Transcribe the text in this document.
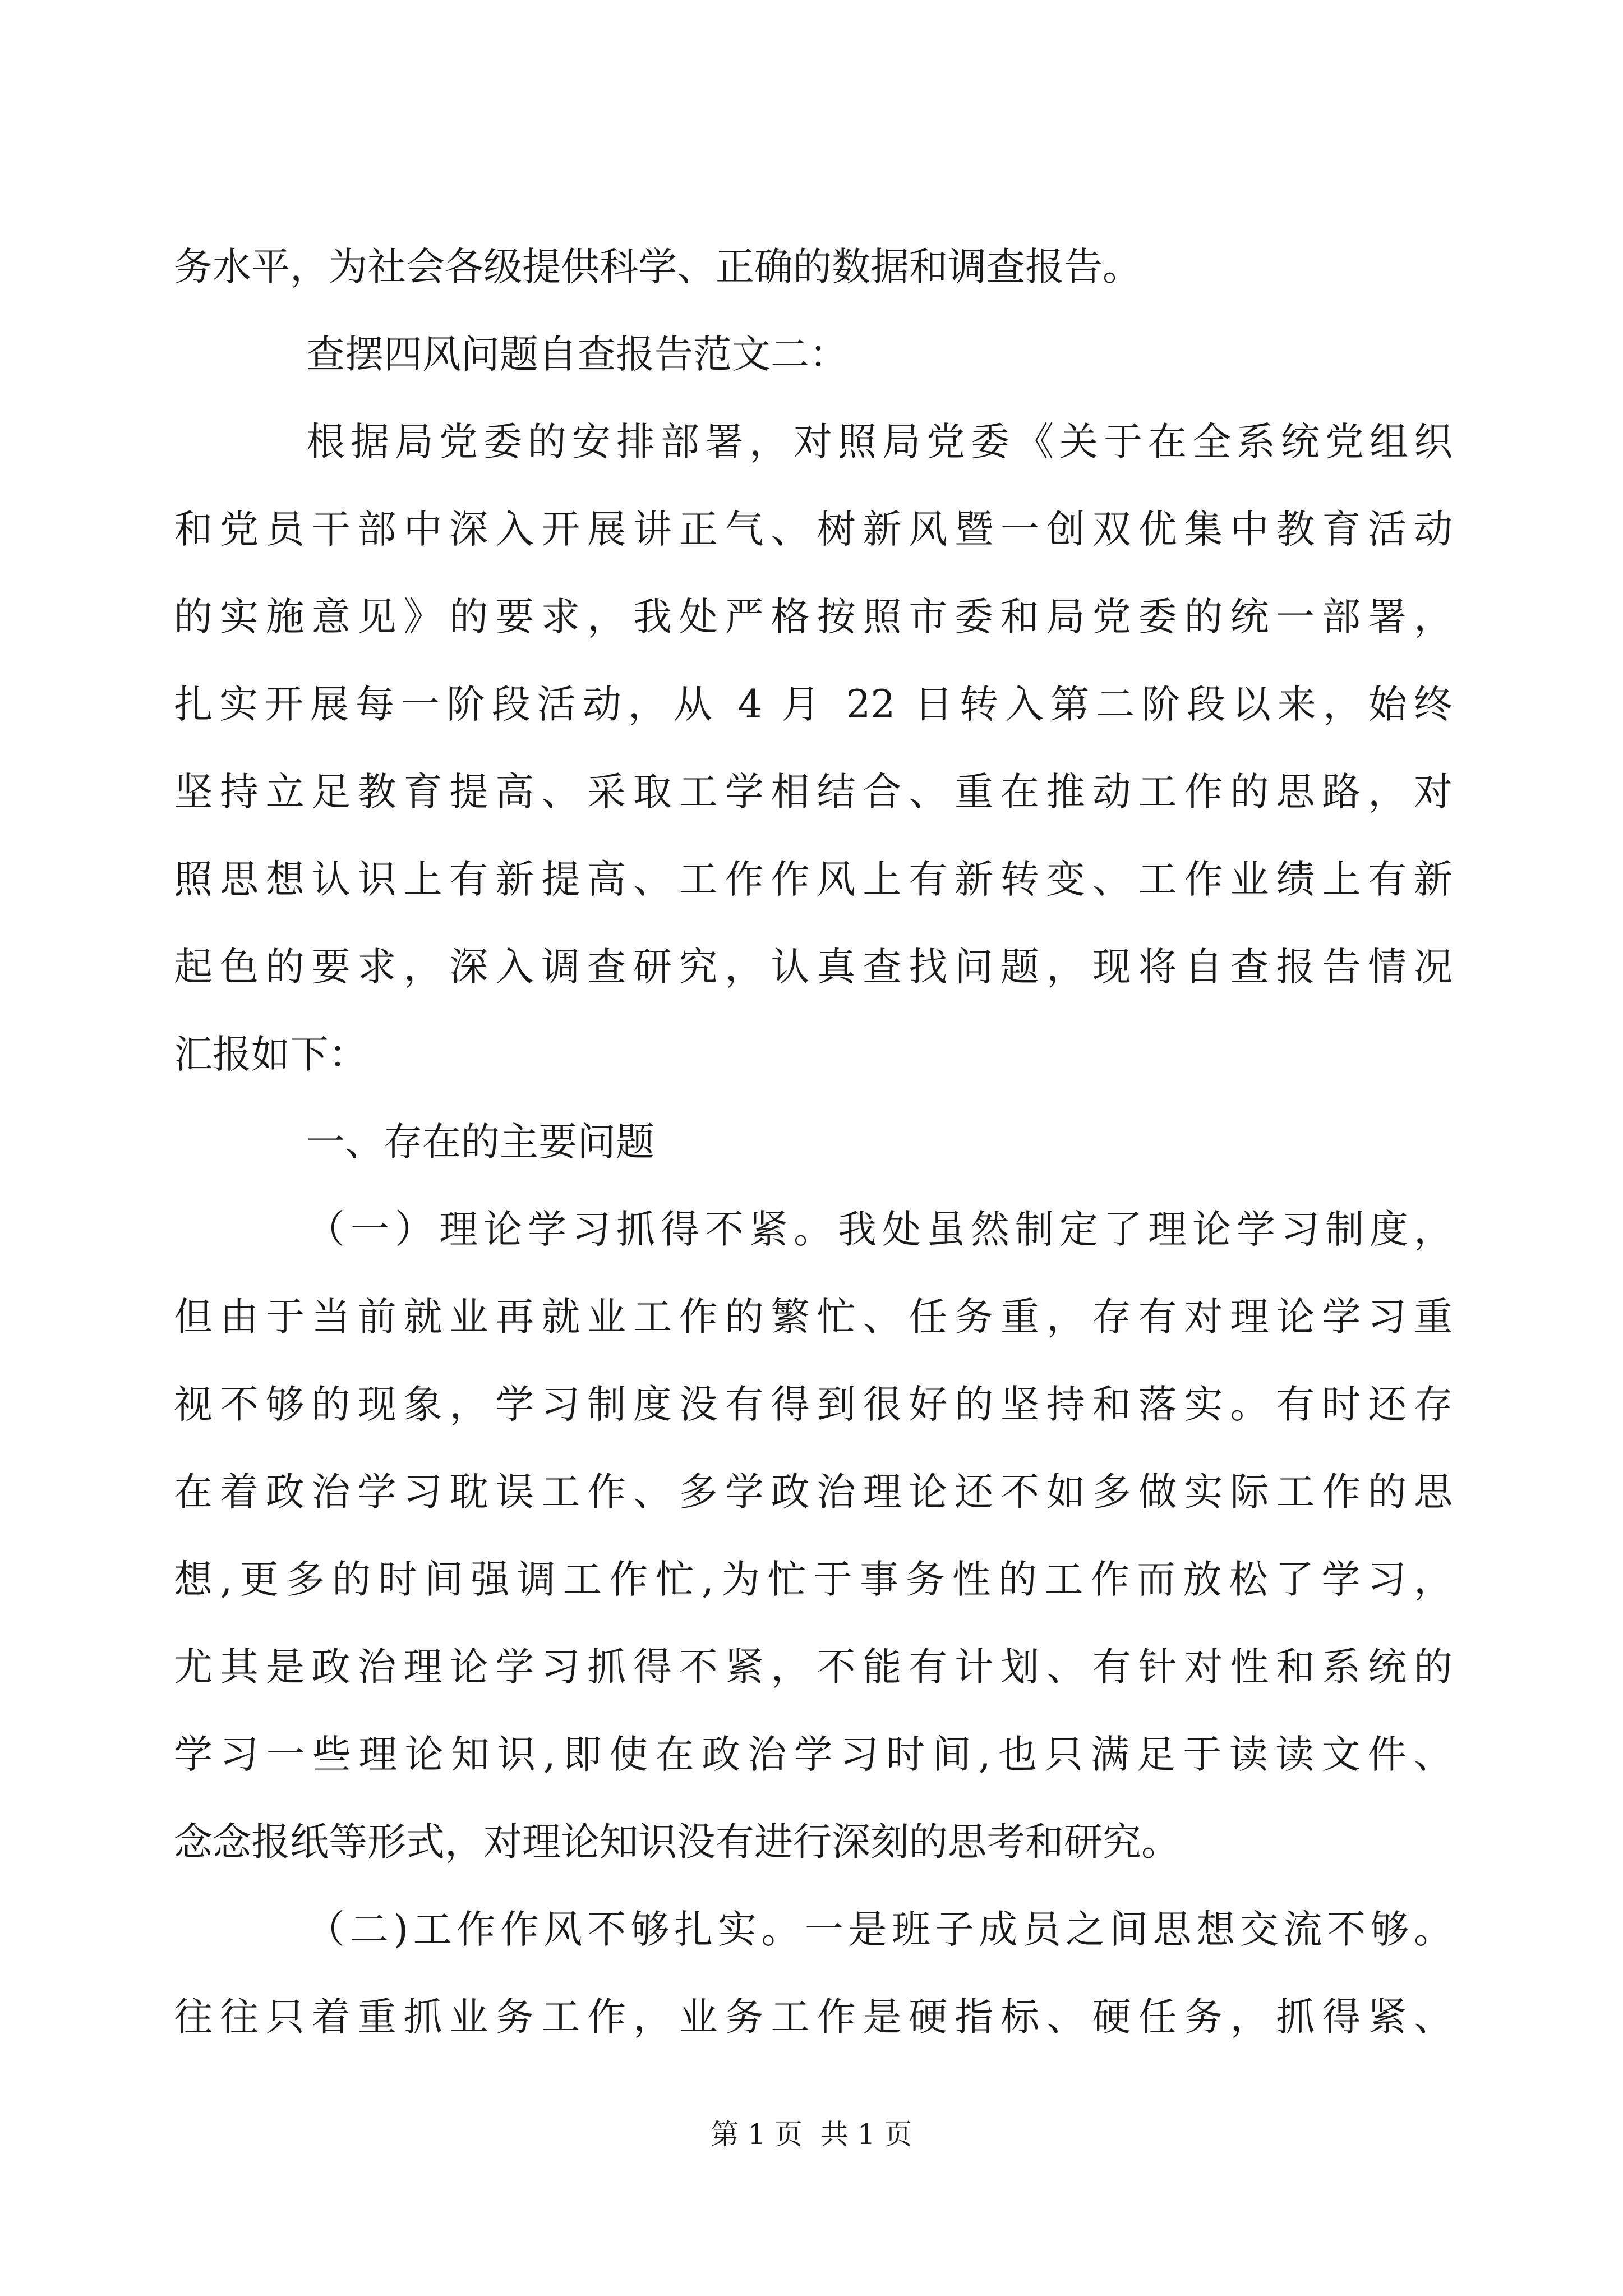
务水平，为社会各级提供科学、正确的数据和调查报告。
查摆四风问题自查报告范文二：
根据局党委的安排部署，对照局党委《关于在全系统党组织
和党员干部中深入开展讲正气、树新风暨一创双优集中教育活动
的实施意见》的要求，我处严格按照市委和局党委的统一部署，
扎实开展每一阶段活动，从 4 月 22 日转入第二阶段以来，始终
坚持立足教育提高、采取工学相结合、重在推动工作的思路，对
照思想认识上有新提高、工作作风上有新转变、工作业绩上有新
起色的要求，深入调查研究，认真查找问题，现将自查报告情况
汇报如下：
一、存在的主要问题
（一）理论学习抓得不紧。我处虽然制定了理论学习制度，
但由于当前就业再就业工作的繁忙、任务重，存有对理论学习重
视不够的现象，学习制度没有得到很好的坚持和落实。有时还存
在着政治学习耽误工作、多学政治理论还不如多做实际工作的思
想,更多的时间强调工作忙,为忙于事务性的工作而放松了学习，
尤其是政治理论学习抓得不紧，不能有计划、有针对性和系统的
学习一些理论知识,即使在政治学习时间,也只满足于读读文件、
念念报纸等形式，对理论知识没有进行深刻的思考和研究。
（二)工作作风不够扎实。一是班子成员之间思想交流不够。
往往只着重抓业务工作，业务工作是硬指标、硬任务，抓得紧、
第 1 页  共 1 页
